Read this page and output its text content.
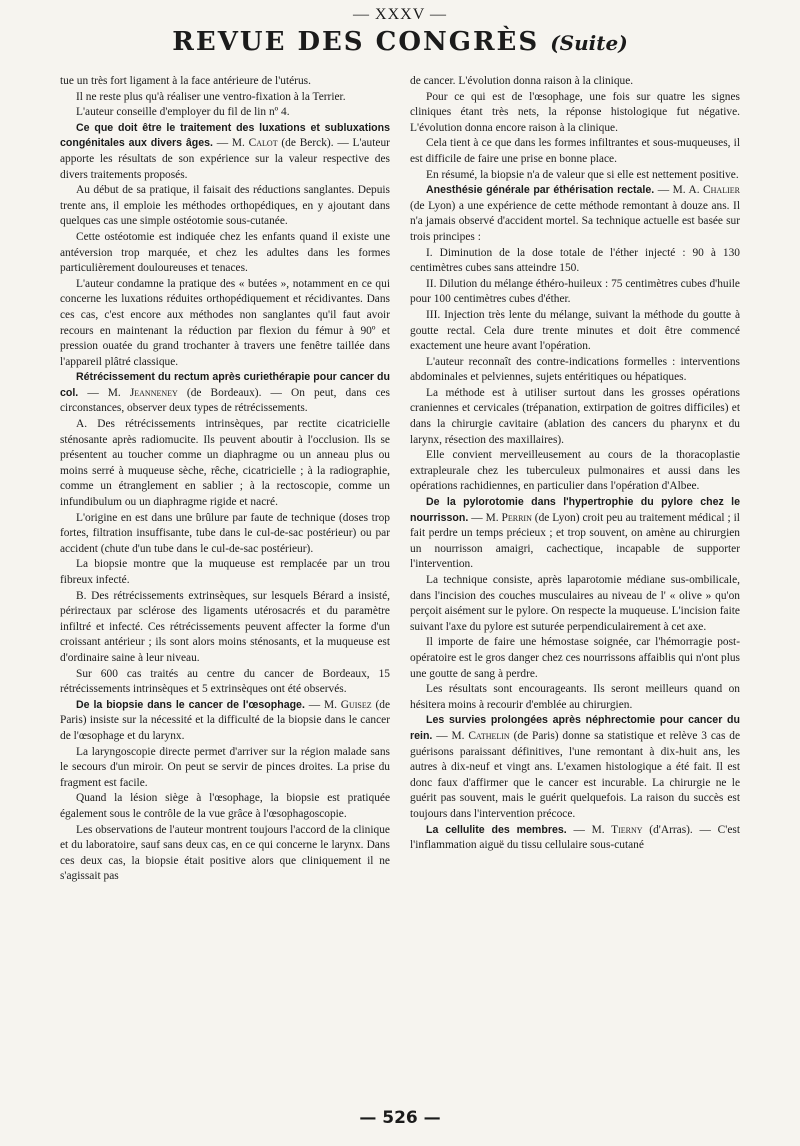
— XXXV —
REVUE DES CONGRÈS (Suite)

tue un très fort ligament à la face antérieure de l'utérus.

Il ne reste plus qu'à réaliser une ventro-fixation à la Terrier.

L'auteur conseille d'employer du fil de lin nº 4.

Ce que doit être le traitement des luxations et subluxations congénitales aux divers âges. — M. Calot (de Berck). — L'auteur apporte les résultats de son expérience sur la valeur respective des divers traitements proposés.

Au début de sa pratique, il faisait des réductions sanglantes. Depuis trente ans, il emploie les méthodes orthopédiques, en y ajoutant dans quelques cas une simple ostéotomie sous-cutanée.

Cette ostéotomie est indiquée chez les enfants quand il existe une antéversion trop marquée, et chez les adultes dans les formes particulièrement douloureuses et tenaces.

L'auteur condamne la pratique des « butées », notamment en ce qui concerne les luxations réduites orthopédiquement et récidivantes. Dans ces cas, c'est encore aux méthodes non sanglantes qu'il faut avoir recours en maintenant la réduction par flexion du fémur à 90º et pression ouatée du grand trochanter à travers une fenêtre taillée dans l'appareil plâtré classique.

Rétrécissement du rectum après curiethérapie pour cancer du col. — M. Jeanneney (de Bordeaux). — On peut, dans ces circonstances, observer deux types de rétrécissements.

A. Des rétrécissements intrinsèques, par rectite cicatricielle sténosante après radiomucite. Ils peuvent aboutir à l'occlusion. Ils se présentent au toucher comme un diaphragme ou un anneau plus ou moins serré à muqueuse sèche, rêche, cicatricielle ; à la radiographie, comme un étranglement en sablier ; à la rectoscopie, comme un infundibulum ou un diaphragme rigide et nacré.

L'origine en est dans une brûlure par faute de technique (doses trop fortes, filtration insuffisante, tube dans le cul-de-sac postérieur) ou par accident (chute d'un tube dans le cul-de-sac postérieur).

La biopsie montre que la muqueuse est remplacée par un trou fibreux infecté.

B. Des rétrécissements extrinsèques, sur lesquels Bérard a insisté, périrectaux par sclérose des ligaments utérosacrés et du paramètre infiltré et infecté. Ces rétrécissements peuvent affecter la forme d'un croissant antérieur ; ils sont alors moins sténosants, et la muqueuse est d'ordinaire saine à leur niveau.

Sur 600 cas traités au centre du cancer de Bordeaux, 15 rétrécissements intrinsèques et 5 extrinsèques ont été observés.

De la biopsie dans le cancer de l'œsophage. — M. Guisez (de Paris) insiste sur la nécessité et la difficulté de la biopsie dans le cancer de l'œsophage et du larynx.

La laryngoscopie directe permet d'arriver sur la région malade sans le secours d'un miroir. On peut se servir de pinces droites. La prise du fragment est facile.

Quand la lésion siège à l'œsophage, la biopsie est pratiquée également sous le contrôle de la vue grâce à l'œsophagoscopie.

Les observations de l'auteur montrent toujours l'accord de la clinique et du laboratoire, sauf sans deux cas, en ce qui concerne le larynx. Dans ces deux cas, la biopsie était positive alors que cliniquement il ne s'agissait pas

de cancer. L'évolution donna raison à la clinique.

Pour ce qui est de l'œsophage, une fois sur quatre les signes cliniques étant très nets, la réponse histologique fut négative. L'évolution donna encore raison à la clinique.

Cela tient à ce que dans les formes infiltrantes et sous-muqueuses, il est difficile de faire une prise en bonne place.

En résumé, la biopsie n'a de valeur que si elle est nettement positive.

Anesthésie générale par éthérisation rectale. — M. A. Chalier (de Lyon) a une expérience de cette méthode remontant à douze ans. Il n'a jamais observé d'accident mortel. Sa technique actuelle est basée sur trois principes :

I. Diminution de la dose totale de l'éther injecté : 90 à 130 centimètres cubes sans atteindre 150.

II. Dilution du mélange éthéro-huileux : 75 centimètres cubes d'huile pour 100 centimètres cubes d'éther.

III. Injection très lente du mélange, suivant la méthode du goutte à goutte rectal. Cela dure trente minutes et doit être commencé exactement une heure avant l'opération.

L'auteur reconnaît des contre-indications formelles : interventions abdominales et pelviennes, sujets entéritiques ou hépatiques.

La méthode est à utiliser surtout dans les grosses opérations craniennes et cervicales (trépanation, extirpation de goitres difficiles) et dans la chirurgie cavitaire (ablation des cancers du pharynx et du larynx, résection des maxillaires).

Elle convient merveilleusement au cours de la thoracoplastie extrapleurale chez les tuberculeux pulmonaires et aussi dans les opérations rachidiennes, en particulier dans l'opération d'Albee.

De la pylorotomie dans l'hypertrophie du pylore chez le nourrisson. — M. Perrin (de Lyon) croit peu au traitement médical ; il fait perdre un temps précieux ; et trop souvent, on amène au chirurgien un nourrisson amaigri, cachectique, incapable de supporter l'intervention.

La technique consiste, après laparotomie médiane sus-ombilicale, dans l'incision des couches musculaires au niveau de l' « olive » qu'on perçoit aisément sur le pylore. On respecte la muqueuse. L'incision faite suivant l'axe du pylore est suturée perpendiculairement à cet axe.

Il importe de faire une hémostase soignée, car l'hémorragie post-opératoire est le gros danger chez ces nourrissons affaiblis qui n'ont plus une goutte de sang à perdre.

Les résultats sont encourageants. Ils seront meilleurs quand on hésitera moins à recourir d'emblée au chirurgien.

Les survies prolongées après néphrectomie pour cancer du rein. — M. Cathelin (de Paris) donne sa statistique et relève 3 cas de guérisons paraissant définitives, l'une remontant à dix-huit ans, les autres à dix-neuf et vingt ans. L'examen histologique a été fait. Il est donc faux d'affirmer que le cancer est incurable. La chirurgie ne le guérit pas souvent, mais le guérit quelquefois. La raison du succès est toujours dans l'intervention précoce.

La cellulite des membres. — M. Tierny (d'Arras). — C'est l'inflammation aiguë du tissu cellulaire sous-cutané

— 526 —
